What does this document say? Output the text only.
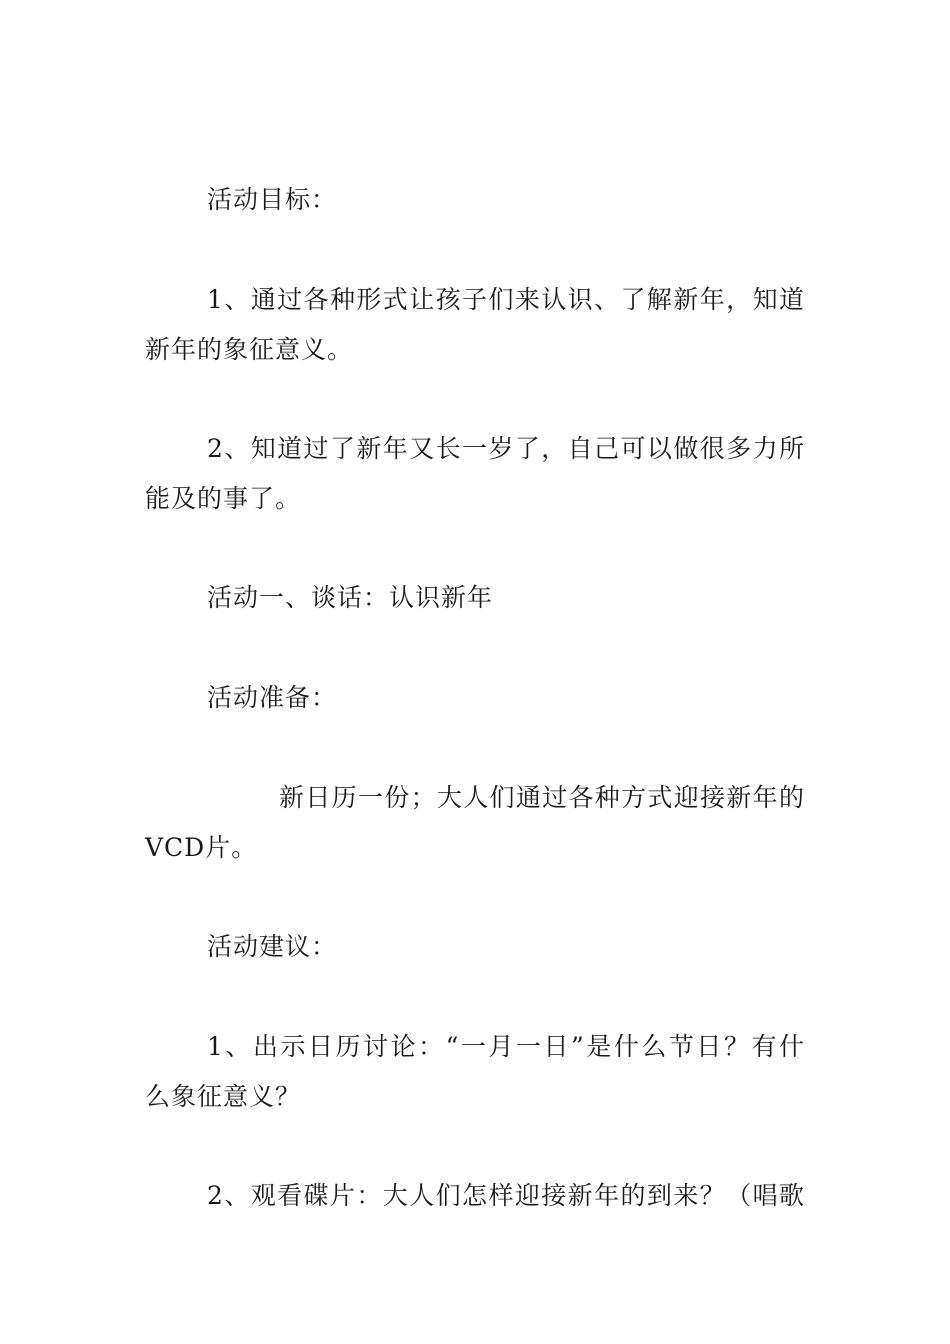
活动目标：
1、通过各种形式让孩子们来认识、了解新年，知道
新年的象征意义。
2、知道过了新年又长一岁了，自己可以做很多力所
能及的事了。
活动一、谈话：认识新年
活动准备：
新日历一份；大人们通过各种方式迎接新年的
VCD片。
活动建议：
1、出示日历讨论：“一月一日”是什么节日？有什
么象征意义？
2、观看碟片：大人们怎样迎接新年的到来？（唱歌
